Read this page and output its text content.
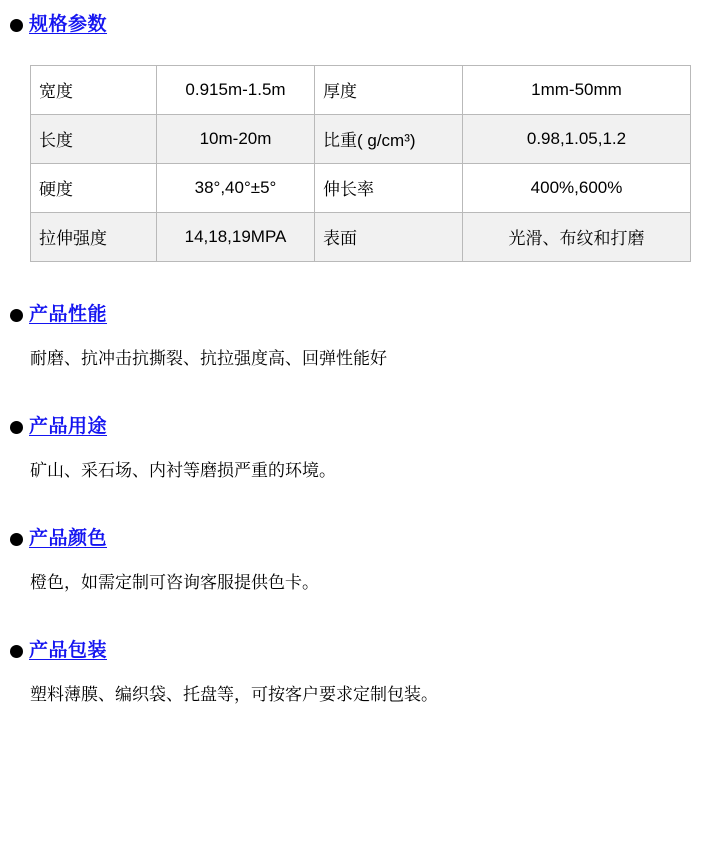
规格参数
宽度	0.915m-1.5m	厚度	1mm-50mm
长度	10m-20m	比重( g/cm³)	0.98,1.05,1.2
硬度	38°,40°±5°	伸长率	400%,600%
拉伸强度	14,18,19MPA	表面	光滑、布纹和打磨
产品性能
耐磨、抗冲击抗撕裂、抗拉强度高、回弹性能好
产品用途
矿山、采石场、内衬等磨损严重的环境。
产品颜色
橙色，如需定制可咨询客服提供色卡。
产品包装
塑料薄膜、编织袋、托盘等，可按客户要求定制包装。
